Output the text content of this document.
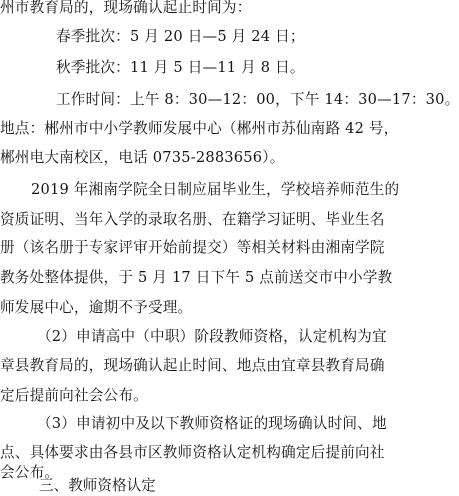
州市教育局的，现场确认起止时间为：
春季批次：5 月 20 日—5 月 24 日；
秋季批次：11 月 5 日—11 月 8 日。
工作时间：上午 8：30—12：00，下午 14：30—17：30。
地点：郴州市中小学教师发展中心（郴州市苏仙南路 42 号，
郴州电大南校区，电话 0735-2883656）。
2019 年湘南学院全日制应届毕业生，学校培养师范生的
资质证明、当年入学的录取名册、在籍学习证明、毕业生名
册（该名册于专家评审开始前提交）等相关材料由湘南学院
教务处整体提供，于 5 月 17 日下午 5 点前送交市中小学教
师发展中心，逾期不予受理。
（2）申请高中（中职）阶段教师资格，认定机构为宜
章县教育局的，现场确认起止时间、地点由宜章县教育局确
定后提前向社会公布。
（3）申请初中及以下教师资格证的现场确认时间、地
点、具体要求由各县市区教师资格认定机构确定后提前向社
会公布。
三、教师资格认定
